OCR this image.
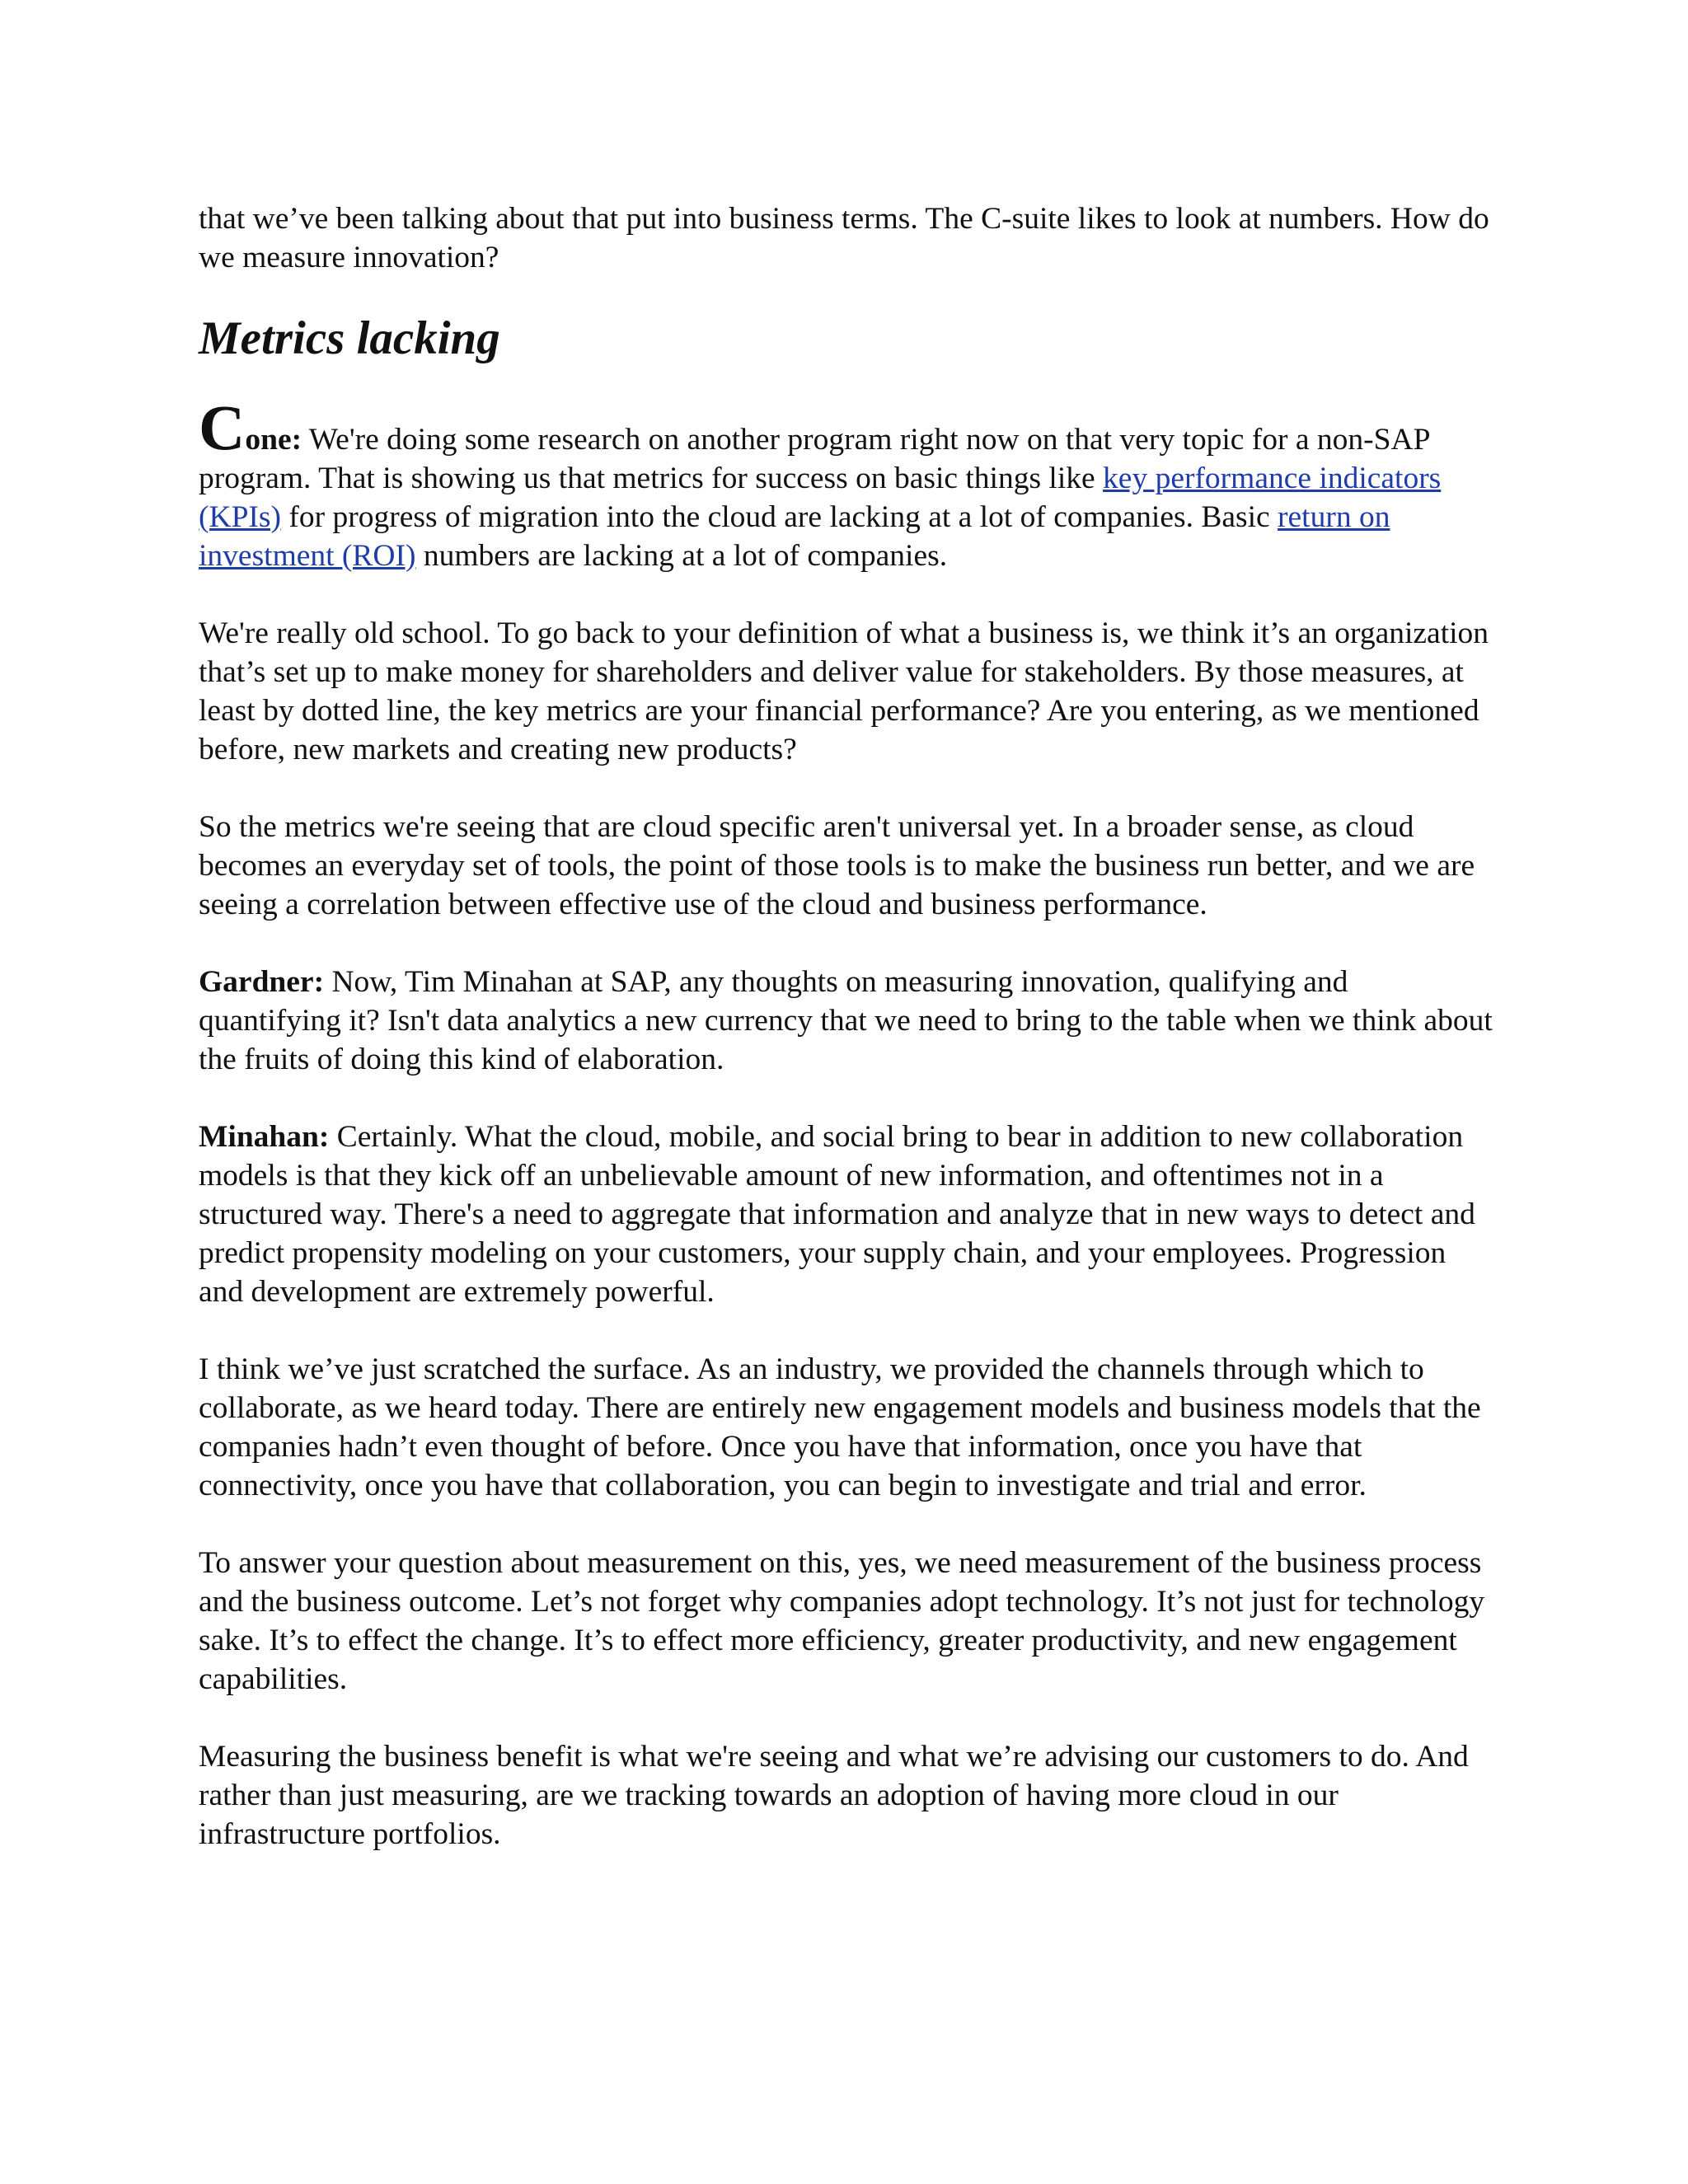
that we’ve been talking about that put into business terms. The C-suite likes to look at numbers. How do we measure innovation?

Metrics lacking

Cone: We're doing some research on another program right now on that very topic for a non-SAP program. That is showing us that metrics for success on basic things like key performance indicators (KPIs) for progress of migration into the cloud are lacking at a lot of companies. Basic return on investment (ROI) numbers are lacking at a lot of companies.

We're really old school. To go back to your definition of what a business is, we think it’s an organization that’s set up to make money for shareholders and deliver value for stakeholders. By those measures, at least by dotted line, the key metrics are your financial performance? Are you entering, as we mentioned before, new markets and creating new products?

So the metrics we're seeing that are cloud specific aren't universal yet. In a broader sense, as cloud becomes an everyday set of tools, the point of those tools is to make the business run better, and we are seeing a correlation between effective use of the cloud and business performance.

Gardner: Now, Tim Minahan at SAP, any thoughts on measuring innovation, qualifying and quantifying it? Isn't data analytics a new currency that we need to bring to the table when we think about the fruits of doing this kind of elaboration.

Minahan: Certainly. What the cloud, mobile, and social bring to bear in addition to new collaboration models is that they kick off an unbelievable amount of new information, and oftentimes not in a structured way. There's a need to aggregate that information and analyze that in new ways to detect and predict propensity modeling on your customers, your supply chain, and your employees. Progression and development are extremely powerful.

I think we’ve just scratched the surface. As an industry, we provided the channels through which to collaborate, as we heard today. There are entirely new engagement models and business models that the companies hadn’t even thought of before. Once you have that information, once you have that connectivity, once you have that collaboration, you can begin to investigate and trial and error.

To answer your question about measurement on this, yes, we need measurement of the business process and the business outcome. Let’s not forget why companies adopt technology. It’s not just for technology sake. It’s to effect the change. It’s to effect more efficiency, greater productivity, and new engagement capabilities.

Measuring the business benefit is what we're seeing and what we’re advising our customers to do. And rather than just measuring, are we tracking towards an adoption of having more cloud in our infrastructure portfolios.
